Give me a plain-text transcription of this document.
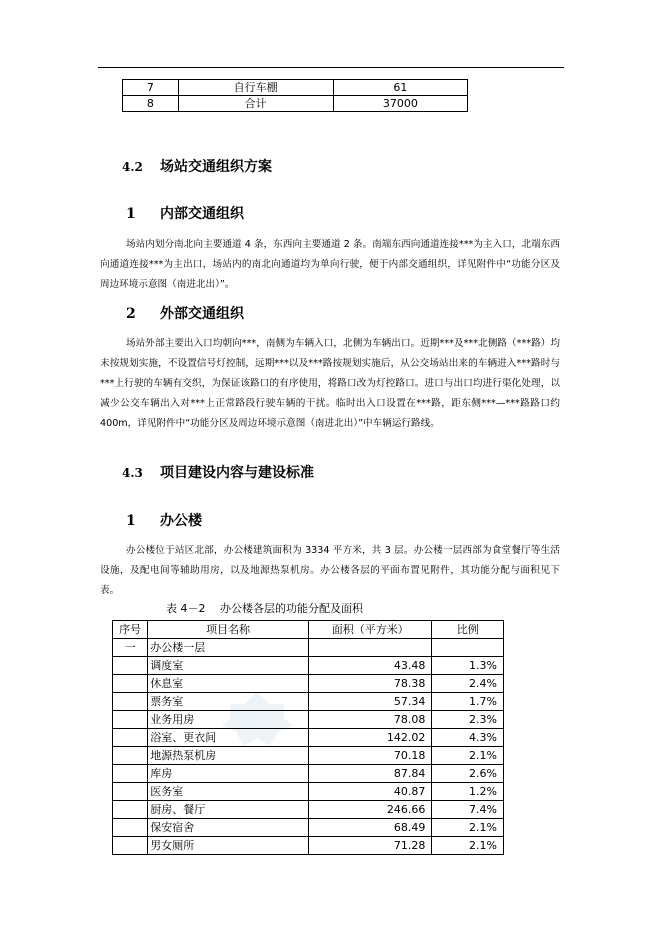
7	自行车棚	61
8	合计	37000
4.2 场站交通组织方案
1 内部交通组织
场站内划分南北向主要通道 4 条，东西向主要通道 2 条。南端东西向通道连接***为主入口，北端东西向通道连接***为主出口，场站内的南北向通道均为单向行驶，便于内部交通组织，详见附件中“功能分区及周边环境示意图（南进北出）”。
2 外部交通组织
场站外部主要出入口均朝向***，南侧为车辆入口，北侧为车辆出口。近期***及***北侧路（***路）均未按规划实施，不设置信号灯控制，远期***以及***路按规划实施后，从公交场站出来的车辆进入***路时与***上行驶的车辆有交织，为保证该路口的有序使用，将路口改为灯控路口。进口与出口均进行渠化处理，以减少公交车辆出入对***上正常路段行驶车辆的干扰。临时出入口设置在***路，距东侧***—***路路口约 400m，详见附件中“功能分区及周边环境示意图（南进北出）”中车辆运行路线。
4.3 项目建设内容与建设标准
1 办公楼
办公楼位于站区北部，办公楼建筑面积为 3334 平方米，共 3 层。办公楼一层西部为食堂餐厅等生活设施，及配电间等辅助用房，以及地源热泵机房。办公楼各层的平面布置见附件，其功能分配与面积见下表。
表 4－2　 办公楼各层的功能分配及面积
序号	项目名称	面积（平方米）	比例
一	办公楼一层		
	调度室	43.48	1.3%
	休息室	78.38	2.4%
	票务室	57.34	1.7%
	业务用房	78.08	2.3%
	浴室、更衣间	142.02	4.3%
	地源热泵机房	70.18	2.1%
	库房	87.84	2.6%
	医务室	40.87	1.2%
	厨房、餐厅	246.66	7.4%
	保安宿舍	68.49	2.1%
	男女厕所	71.28	2.1%
